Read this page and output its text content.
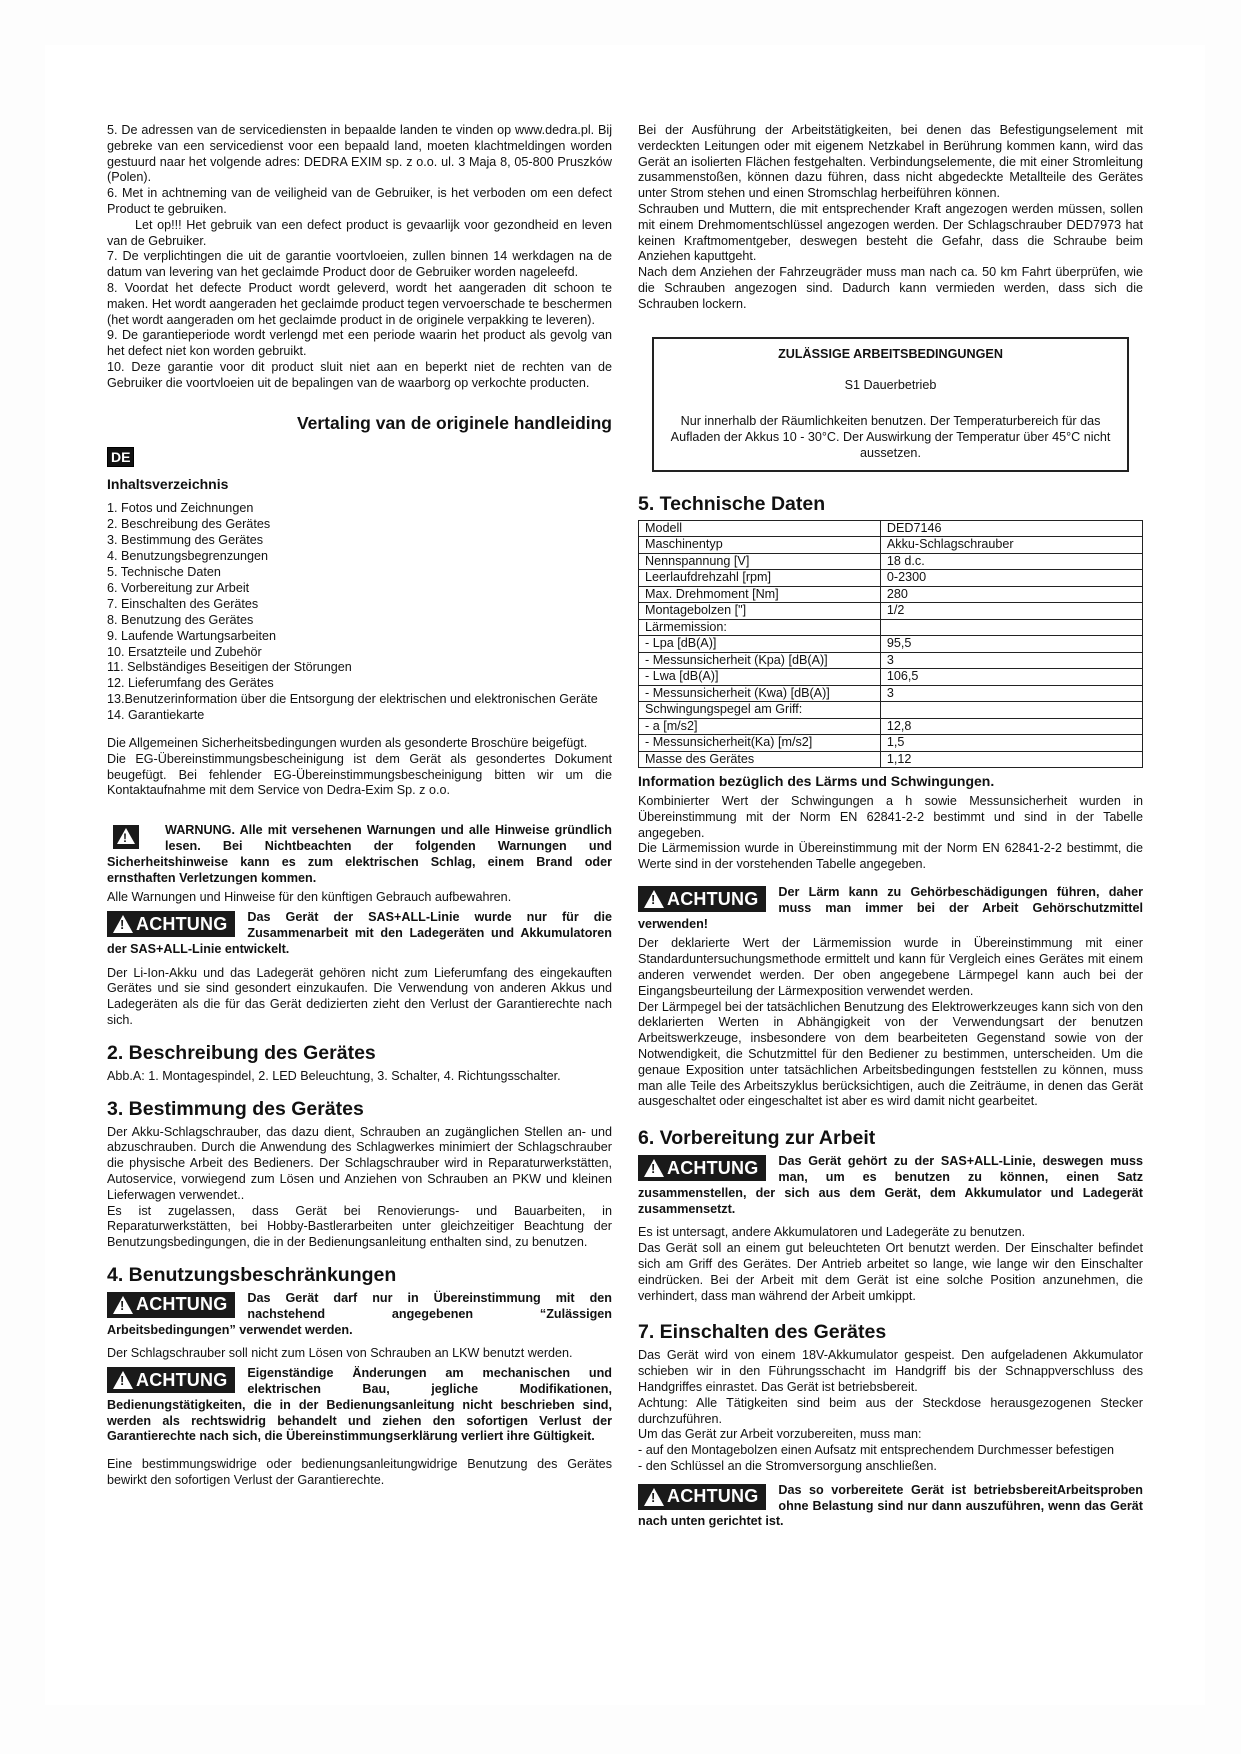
5. De adressen van de servicediensten in bepaalde landen te vinden op www.dedra.pl. Bij gebreke van een servicedienst voor een bepaald land, moeten klachtmeldingen worden gestuurd naar het volgende adres: DEDRA EXIM sp. z o.o. ul. 3 Maja 8, 05-800 Pruszków (Polen).

6. Met in achtneming van de veiligheid van de Gebruiker, is het verboden om een defect Product te gebruiken.

Let op!!! Het gebruik van een defect product is gevaarlijk voor gezondheid en leven van de Gebruiker.

7. De verplichtingen die uit de garantie voortvloeien, zullen binnen 14 werkdagen na de datum van levering van het geclaimde Product door de Gebruiker worden nageleefd.

8. Voordat het defecte Product wordt geleverd, wordt het aangeraden dit schoon te maken. Het wordt aangeraden het geclaimde product tegen vervoerschade te beschermen (het wordt aangeraden om het geclaimde product in de originele verpakking te leveren).

9. De garantieperiode wordt verlengd met een periode waarin het product als gevolg van het defect niet kon worden gebruikt.

10. Deze garantie voor dit product sluit niet aan en beperkt niet de rechten van de Gebruiker die voortvloeien uit de bepalingen van de waarborg op verkochte producten.

Vertaling van de originele handleiding

DE
Inhaltsverzeichnis
1. Fotos und Zeichnungen
2. Beschreibung des Gerätes
3. Bestimmung des Gerätes
4. Benutzungsbegrenzungen
5. Technische Daten
6. Vorbereitung zur Arbeit
7. Einschalten des Gerätes
8. Benutzung des Gerätes
9. Laufende Wartungsarbeiten
10. Ersatzteile und Zubehör
11. Selbständiges Beseitigen der Störungen
12. Lieferumfang des Gerätes
13.Benutzerinformation über die Entsorgung der elektrischen und elektronischen Geräte
14. Garantiekarte

Die Allgemeinen Sicherheitsbedingungen wurden als gesonderte Broschüre beigefügt.

Die EG-Übereinstimmungsbescheinigung ist dem Gerät als gesondertes Dokument beugefügt. Bei fehlender EG-Übereinstimmungsbescheinigung bitten wir um die Kontaktaufnahme mit dem Service von Dedra-Exim Sp. z o.o.

!

WARNUNG. Alle mit versehenen Warnungen und alle Hinweise gründlich lesen. Bei Nichtbeachten der folgenden Warnungen und Sicherheitshinweise kann es zum elektrischen Schlag, einem Brand oder ernsthaften Verletzungen kommen.

Alle Warnungen und Hinweise für den künftigen Gebrauch aufbewahren.

!
ACHTUNG	Das Gerät der SAS+ALL-Linie wurde nur für die Zusammenarbeit mit den Ladegeräten und Akkumulatoren der SAS+ALL-Linie entwickelt.

Der Li-Ion-Akku und das Ladegerät gehören nicht zum Lieferumfang des eingekauften Gerätes und sie sind gesondert einzukaufen. Die Verwendung von anderen Akkus und Ladegeräten als die für das Gerät dedizierten zieht den Verlust der Garantierechte nach sich.

2. Beschreibung des Gerätes

Abb.A: 1. Montagespindel, 2. LED Beleuchtung, 3. Schalter, 4. Richtungsschalter.

3. Bestimmung des Gerätes

Der Akku-Schlagschrauber, das dazu dient, Schrauben an zugänglichen Stellen an- und abzuschrauben. Durch die Anwendung des Schlagwerkes minimiert der Schlagschrauber die physische Arbeit des Bedieners. Der Schlagschrauber wird in Reparaturwerkstätten, Autoservice, vorwiegend zum Lösen und Anziehen von Schrauben an PKW und kleinen Lieferwagen verwendet..

Es ist zugelassen, dass Gerät bei Renovierungs- und Bauarbeiten, in Reparaturwerkstätten, bei Hobby-Bastlerarbeiten unter gleichzeitiger Beachtung der Benutzungsbedingungen, die in der Bedienungsanleitung enthalten sind, zu benutzen.

4. Benutzungsbeschränkungen
!
ACHTUNG	Das Gerät darf nur in Übereinstimmung mit den nachstehend angegebenen “Zulässigen Arbeitsbedingungen” verwendet werden.

Der Schlagschrauber soll nicht zum Lösen von Schrauben an LKW benutzt werden.

!
ACHTUNG	Eigenständige Änderungen am mechanischen und elektrischen Bau, jegliche Modifikationen, Bedienungstätigkeiten, die in der Bedienungsanleitung nicht beschrieben sind, werden als rechtswidrig behandelt und ziehen den sofortigen Verlust der Garantierechte nach sich, die Übereinstimmungserklärung verliert ihre Gültigkeit.

Eine bestimmungswidrige oder bedienungsanleitungwidrige Benutzung des Gerätes bewirkt den sofortigen Verlust der Garantierechte.

Bei der Ausführung der Arbeitstätigkeiten, bei denen das Befestigungselement mit verdeckten Leitungen oder mit eigenem Netzkabel in Berührung kommen kann, wird das Gerät an isolierten Flächen festgehalten. Verbindungselemente, die mit einer Stromleitung zusammenstoßen, können dazu führen, dass nicht abgedeckte Metallteile des Gerätes unter Strom stehen und einen Stromschlag herbeiführen können.

Schrauben und Muttern, die mit entsprechender Kraft angezogen werden müssen, sollen mit einem Drehmomentschlüssel angezogen werden. Der Schlagschrauber DED7973 hat keinen Kraftmomentgeber, deswegen besteht die Gefahr, dass die Schraube beim Anziehen kaputtgeht.

Nach dem Anziehen der Fahrzeugräder muss man nach ca. 50 km Fahrt überprüfen, wie die Schrauben angezogen sind. Dadurch kann vermieden werden, dass sich die Schrauben lockern.

ZULÄSSIGE ARBEITSBEDINGUNGEN
S1 Dauerbetrieb
Nur innerhalb der Räumlichkeiten benutzen. Der Temperaturbereich für das Aufladen der Akkus 10 - 30°C. Der Auswirkung der Temperatur über 45°C nicht aussetzen.
5. Technische Daten
Modell	DED7146
Maschinentyp	Akku-Schlagschrauber
Nennspannung [V]	18 d.c.
Leerlaufdrehzahl [rpm]	0-2300
Max. Drehmoment [Nm]	280
Montagebolzen ["]	1/2
Lärmemission:	
- Lpa [dB(A)]	95,5
- Messunsicherheit (Kpa) [dB(A)]	3
- Lwa [dB(A)]	106,5
- Messunsicherheit (Kwa) [dB(A)]	3
Schwingungspegel am Griff:	
- a [m/s2]	12,8
- Messunsicherheit(Ka) [m/s2]	1,5
Masse des Gerätes	1,12
Information bezüglich des Lärms und Schwingungen.

Kombinierter Wert der Schwingungen a h sowie Messunsicherheit wurden in Übereinstimmung mit der Norm EN 62841-2-2 bestimmt und sind in der Tabelle angegeben.

Die Lärmemission wurde in Übereinstimmung mit der Norm EN 62841-2-2 bestimmt, die Werte sind in der vorstehenden Tabelle angegeben.

!
ACHTUNG	Der Lärm kann zu Gehörbeschädigungen führen, daher muss man immer bei der Arbeit Gehörschutzmittel verwenden!

Der deklarierte Wert der Lärmemission wurde in Übereinstimmung mit einer Standarduntersuchungsmethode ermittelt und kann für Vergleich eines Gerätes mit einem anderen verwendet werden. Der oben angegebene Lärmpegel kann auch bei der Eingangsbeurteilung der Lärmexposition verwendet werden.

Der Lärmpegel bei der tatsächlichen Benutzung des Elektrowerkzeuges kann sich von den deklarierten Werten in Abhängigkeit von der Verwendungsart der benutzen Arbeitswerkzeuge, insbesondere von dem bearbeiteten Gegenstand sowie von der Notwendigkeit, die Schutzmittel für den Bediener zu bestimmen, unterscheiden. Um die genaue Exposition unter tatsächlichen Arbeitsbedingungen feststellen zu können, muss man alle Teile des Arbeitszyklus berücksichtigen, auch die Zeiträume, in denen das Gerät ausgeschaltet oder eingeschaltet ist aber es wird damit nicht gearbeitet.

6. Vorbereitung zur Arbeit
!
ACHTUNG	Das Gerät gehört zu der SAS+ALL-Linie, deswegen muss man, um es benutzen zu können, einen Satz zusammenstellen, der sich aus dem Gerät, dem Akkumulator und Ladegerät zusammensetzt.

Es ist untersagt, andere Akkumulatoren und Ladegeräte zu benutzen.

Das Gerät soll an einem gut beleuchteten Ort benutzt werden. Der Einschalter befindet sich am Griff des Gerätes. Der Antrieb arbeitet so lange, wie lange wir den Einschalter eindrücken. Bei der Arbeit mit dem Gerät ist eine solche Position anzunehmen, die verhindert, dass man während der Arbeit umkippt.

7. Einschalten des Gerätes

Das Gerät wird von einem 18V-Akkumulator gespeist. Den aufgeladenen Akkumulator schieben wir in den Führungsschacht im Handgriff bis der Schnappverschluss des Handgriffes einrastet. Das Gerät ist betriebsbereit.

Achtung: Alle Tätigkeiten sind beim aus der Steckdose herausgezogenen Stecker durchzuführen.

Um das Gerät zur Arbeit vorzubereiten, muss man:

- auf den Montagebolzen einen Aufsatz mit entsprechendem Durchmesser befestigen

- den Schlüssel an die Stromversorgung anschließen.

!
ACHTUNG	Das so vorbereitete Gerät ist betriebsbereitArbeitsproben ohne Belastung sind nur dann auszuführen, wenn das Gerät nach unten gerichtet ist.
